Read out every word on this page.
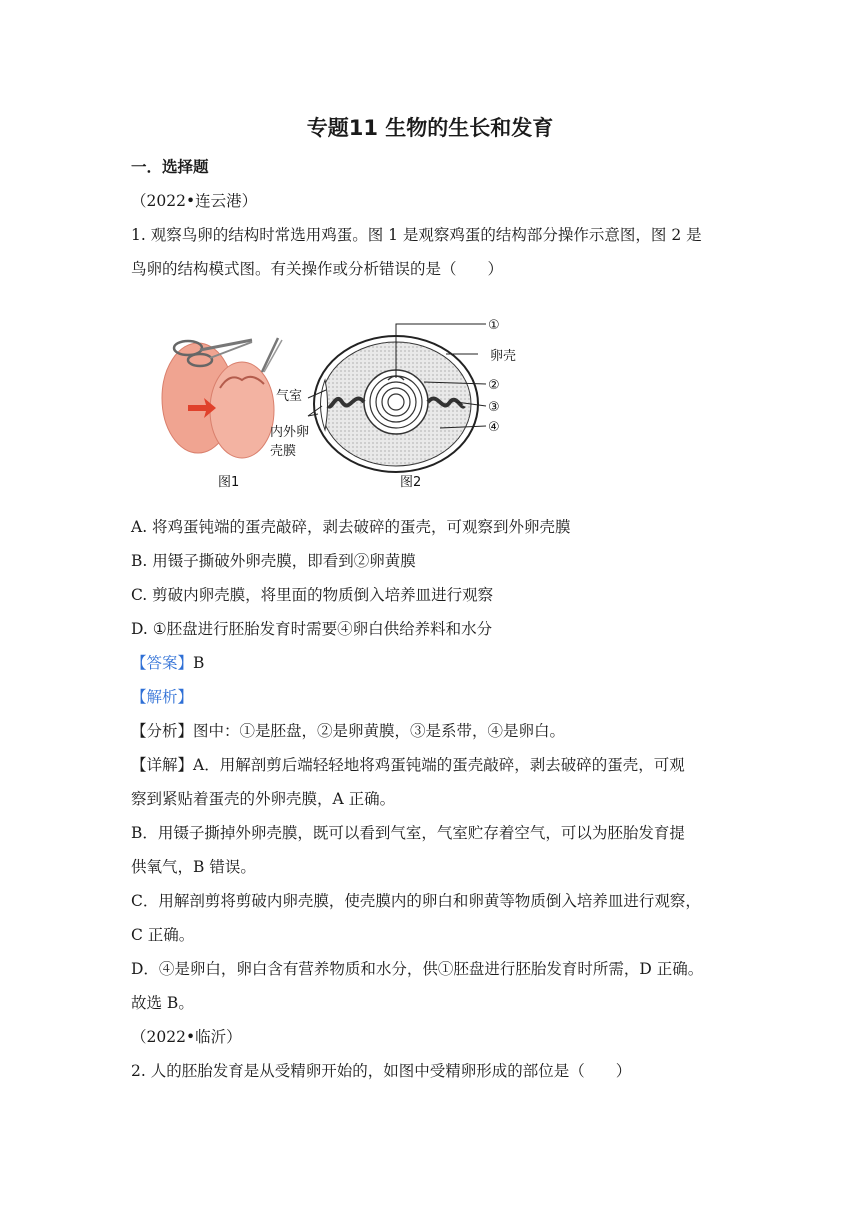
专题11 生物的生长和发育
一．选择题
（2022•连云港）
1. 观察鸟卵的结构时常选用鸡蛋。图 1 是观察鸡蛋的结构部分操作示意图，图 2 是
鸟卵的结构模式图。有关操作或分析错误的是（　　）
图1
①
卵壳
②
③
④
气室
内外卵
壳膜
图2
A. 将鸡蛋钝端的蛋壳敲碎，剥去破碎的蛋壳，可观察到外卵壳膜
B. 用镊子撕破外卵壳膜，即看到②卵黄膜
C. 剪破内卵壳膜，将里面的物质倒入培养皿进行观察
D. ①胚盘进行胚胎发育时需要④卵白供给养料和水分
【答案】B
【解析】
【分析】图中：①是胚盘，②是卵黄膜，③是系带，④是卵白。
【详解】A．用解剖剪后端轻轻地将鸡蛋钝端的蛋壳敲碎，剥去破碎的蛋壳，可观
察到紧贴着蛋壳的外卵壳膜，A 正确。
B．用镊子撕掉外卵壳膜，既可以看到气室，气室贮存着空气，可以为胚胎发育提
供氧气，B 错误。
C．用解剖剪将剪破内卵壳膜，使壳膜内的卵白和卵黄等物质倒入培养皿进行观察，
C 正确。
D．④是卵白，卵白含有营养物质和水分，供①胚盘进行胚胎发育时所需，D 正确。
故选 B。
（2022•临沂）
2. 人的胚胎发育是从受精卵开始的，如图中受精卵形成的部位是（　　）
